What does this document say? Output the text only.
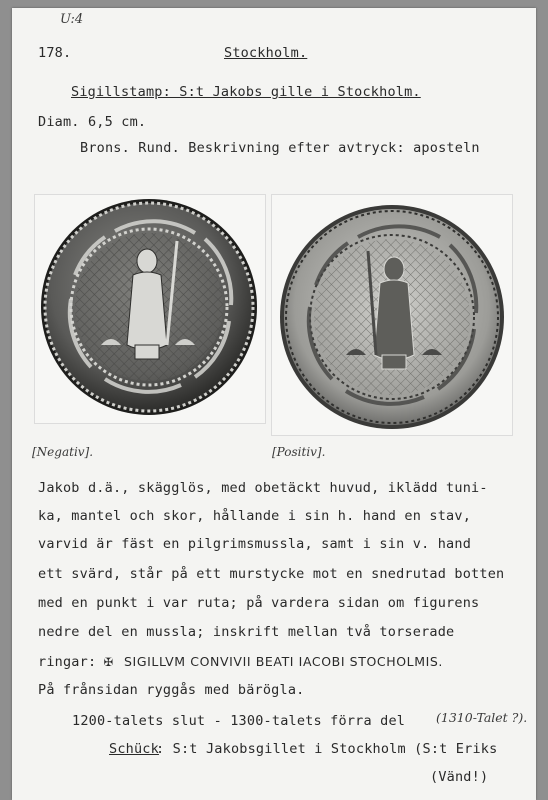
U:4
178.	Stockholm.
Sigillstamp: S:t Jakobs gille i Stockholm.
Diam. 6,5 cm.
Brons. Rund. Beskrivning efter avtryck: aposteln
[Negativ].	[Positiv].
Jakob d.ä., skägglös, med obetäckt huvud, iklädd tuni-
ka, mantel och skor, hållande i sin h. hand en stav,
varvid är fäst en pilgrimsmussla, samt i sin v. hand
ett svärd, står på ett murstycke mot en snedrutad botten
med en punkt i var ruta; på vardera sidan om figurens
nedre del en mussla; inskrift mellan två torserade
ringar: ✠ SIGILLVM CONVIVII BEATI IACOBI STOCHOLMIS.
På frånsidan ryggås med bärögla.
1200-talets slut - 1300-talets förra del (1310-Talet ?).
Schück
: S:t Jakobsgillet i Stockholm (S:t Eriks
(Vänd!)
